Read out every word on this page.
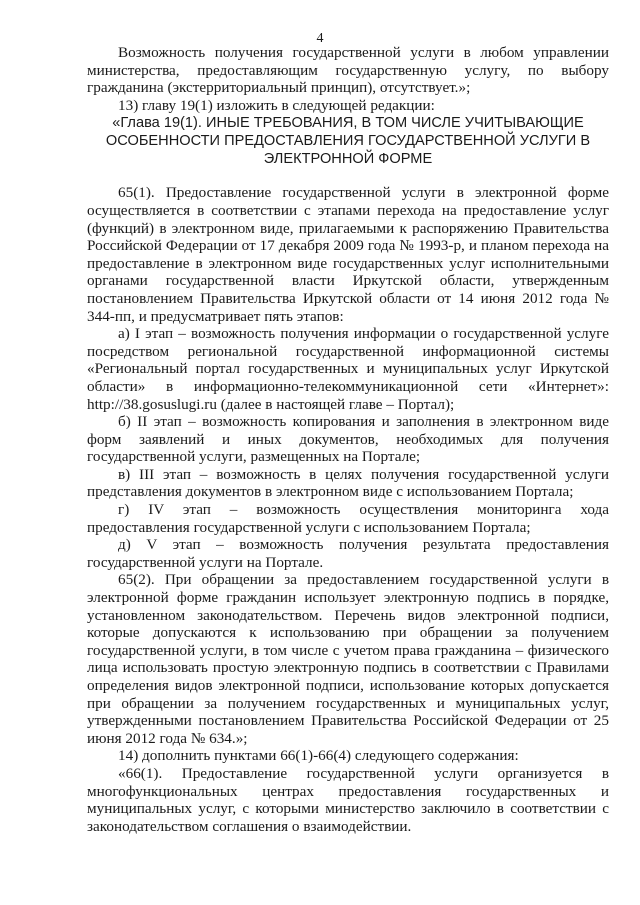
4

Возможность получения государственной услуги в любом управлении министерства, предоставляющим государственную услугу, по выбору гражданина (экстерриториальный принцип), отсутствует.»;

13) главу 19(1) изложить в следующей редакции:

«Глава 19(1). ИНЫЕ ТРЕБОВАНИЯ, В ТОМ ЧИСЛЕ УЧИТЫВАЮЩИЕ
ОСОБЕННОСТИ ПРЕДОСТАВЛЕНИЯ ГОСУДАРСТВЕННОЙ УСЛУГИ В
ЭЛЕКТРОННОЙ ФОРМЕ

65(1). Предоставление государственной услуги в электронной форме осуществляется в соответствии с этапами перехода на предоставление услуг (функций) в электронном виде, прилагаемыми к распоряжению Правительства Российской Федерации от 17 декабря 2009 года № 1993-р, и планом перехода на предоставление в электронном виде государственных услуг исполнительными органами государственной власти Иркутской области, утвержденным постановлением Правительства Иркутской области от 14 июня 2012 года № 344-пп, и предусматривает пять этапов:

а) I этап – возможность получения информации о государственной услуге посредством региональной государственной информационной системы «Региональный портал государственных и муниципальных услуг Иркутской области» в информационно-телекоммуникационной сети «Интернет»: http://38.gosuslugi.ru (далее в настоящей главе – Портал);

б) II этап – возможность копирования и заполнения в электронном виде форм заявлений и иных документов, необходимых для получения государственной услуги, размещенных на Портале;

в) III этап – возможность в целях получения государственной услуги представления документов в электронном виде с использованием Портала;

г) IV этап – возможность осуществления мониторинга хода предоставления государственной услуги с использованием Портала;

д) V этап – возможность получения результата предоставления государственной услуги на Портале.

65(2). При обращении за предоставлением государственной услуги в электронной форме гражданин использует электронную подпись в порядке, установленном законодательством. Перечень видов электронной подписи, которые допускаются к использованию при обращении за получением государственной услуги, в том числе с учетом права гражданина – физического лица использовать простую электронную подпись в соответствии с Правилами определения видов электронной подписи, использование которых допускается при обращении за получением государственных и муниципальных услуг, утвержденными постановлением Правительства Российской Федерации от 25 июня 2012 года № 634.»;

14) дополнить пунктами 66(1)-66(4) следующего содержания:

«66(1). Предоставление государственной услуги организуется в многофункциональных центрах предоставления государственных и муниципальных услуг, с которыми министерство заключило в соответствии с законодательством соглашения о взаимодействии.
